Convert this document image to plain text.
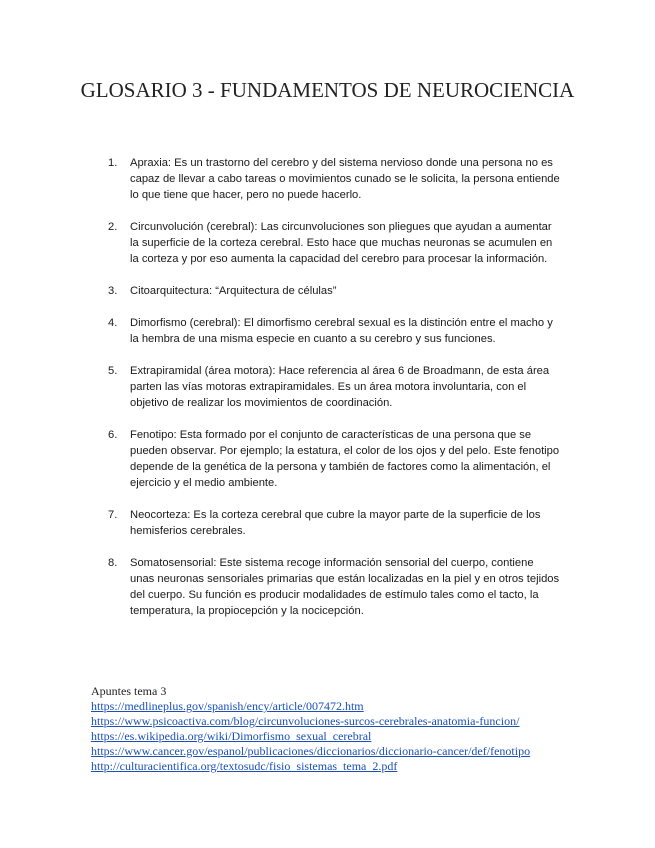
GLOSARIO 3 - FUNDAMENTOS DE NEUROCIENCIA
1. Apraxia: Es un trastorno del cerebro y del sistema nervioso donde una persona no es capaz de llevar a cabo tareas o movimientos cunado se le solicita, la persona entiende lo que tiene que hacer, pero no puede hacerlo.
2. Circunvolución (cerebral): Las circunvoluciones son pliegues que ayudan a aumentar la superficie de la corteza cerebral. Esto hace que muchas neuronas se acumulen en la corteza y por eso aumenta la capacidad del cerebro para procesar la información.
3. Citoarquitectura: “Arquitectura de células”
4. Dimorfismo (cerebral): El dimorfismo cerebral sexual es la distinción entre el macho y la hembra de una misma especie en cuanto a su cerebro y sus funciones.
5. Extrapiramidal (área motora): Hace referencia al área 6 de Broadmann, de esta área parten las vías motoras extrapiramidales. Es un área motora involuntaria, con el objetivo de realizar los movimientos de coordinación.
6. Fenotipo: Esta formado por el conjunto de características de una persona que se pueden observar. Por ejemplo; la estatura, el color de los ojos y del pelo. Este fenotipo depende de la genética de la persona y también de factores como la alimentación, el ejercicio y el medio ambiente.
7. Neocorteza: Es la corteza cerebral que cubre la mayor parte de la superficie de los hemisferios cerebrales.
8. Somatosensorial: Este sistema recoge información sensorial del cuerpo, contiene unas neuronas sensoriales primarias que están localizadas en la piel y en otros tejidos del cuerpo. Su función es producir modalidades de estímulo tales como el tacto, la temperatura, la propiocepción y la nocicepción.
Apuntes tema 3
https://medlineplus.gov/spanish/ency/article/007472.htm
https://www.psicoactiva.com/blog/circunvoluciones-surcos-cerebrales-anatomia-funcion/
https://es.wikipedia.org/wiki/Dimorfismo_sexual_cerebral
https://www.cancer.gov/espanol/publicaciones/diccionarios/diccionario-cancer/def/fenotipo
http://culturacientifica.org/textosudc/fisio_sistemas_tema_2.pdf
